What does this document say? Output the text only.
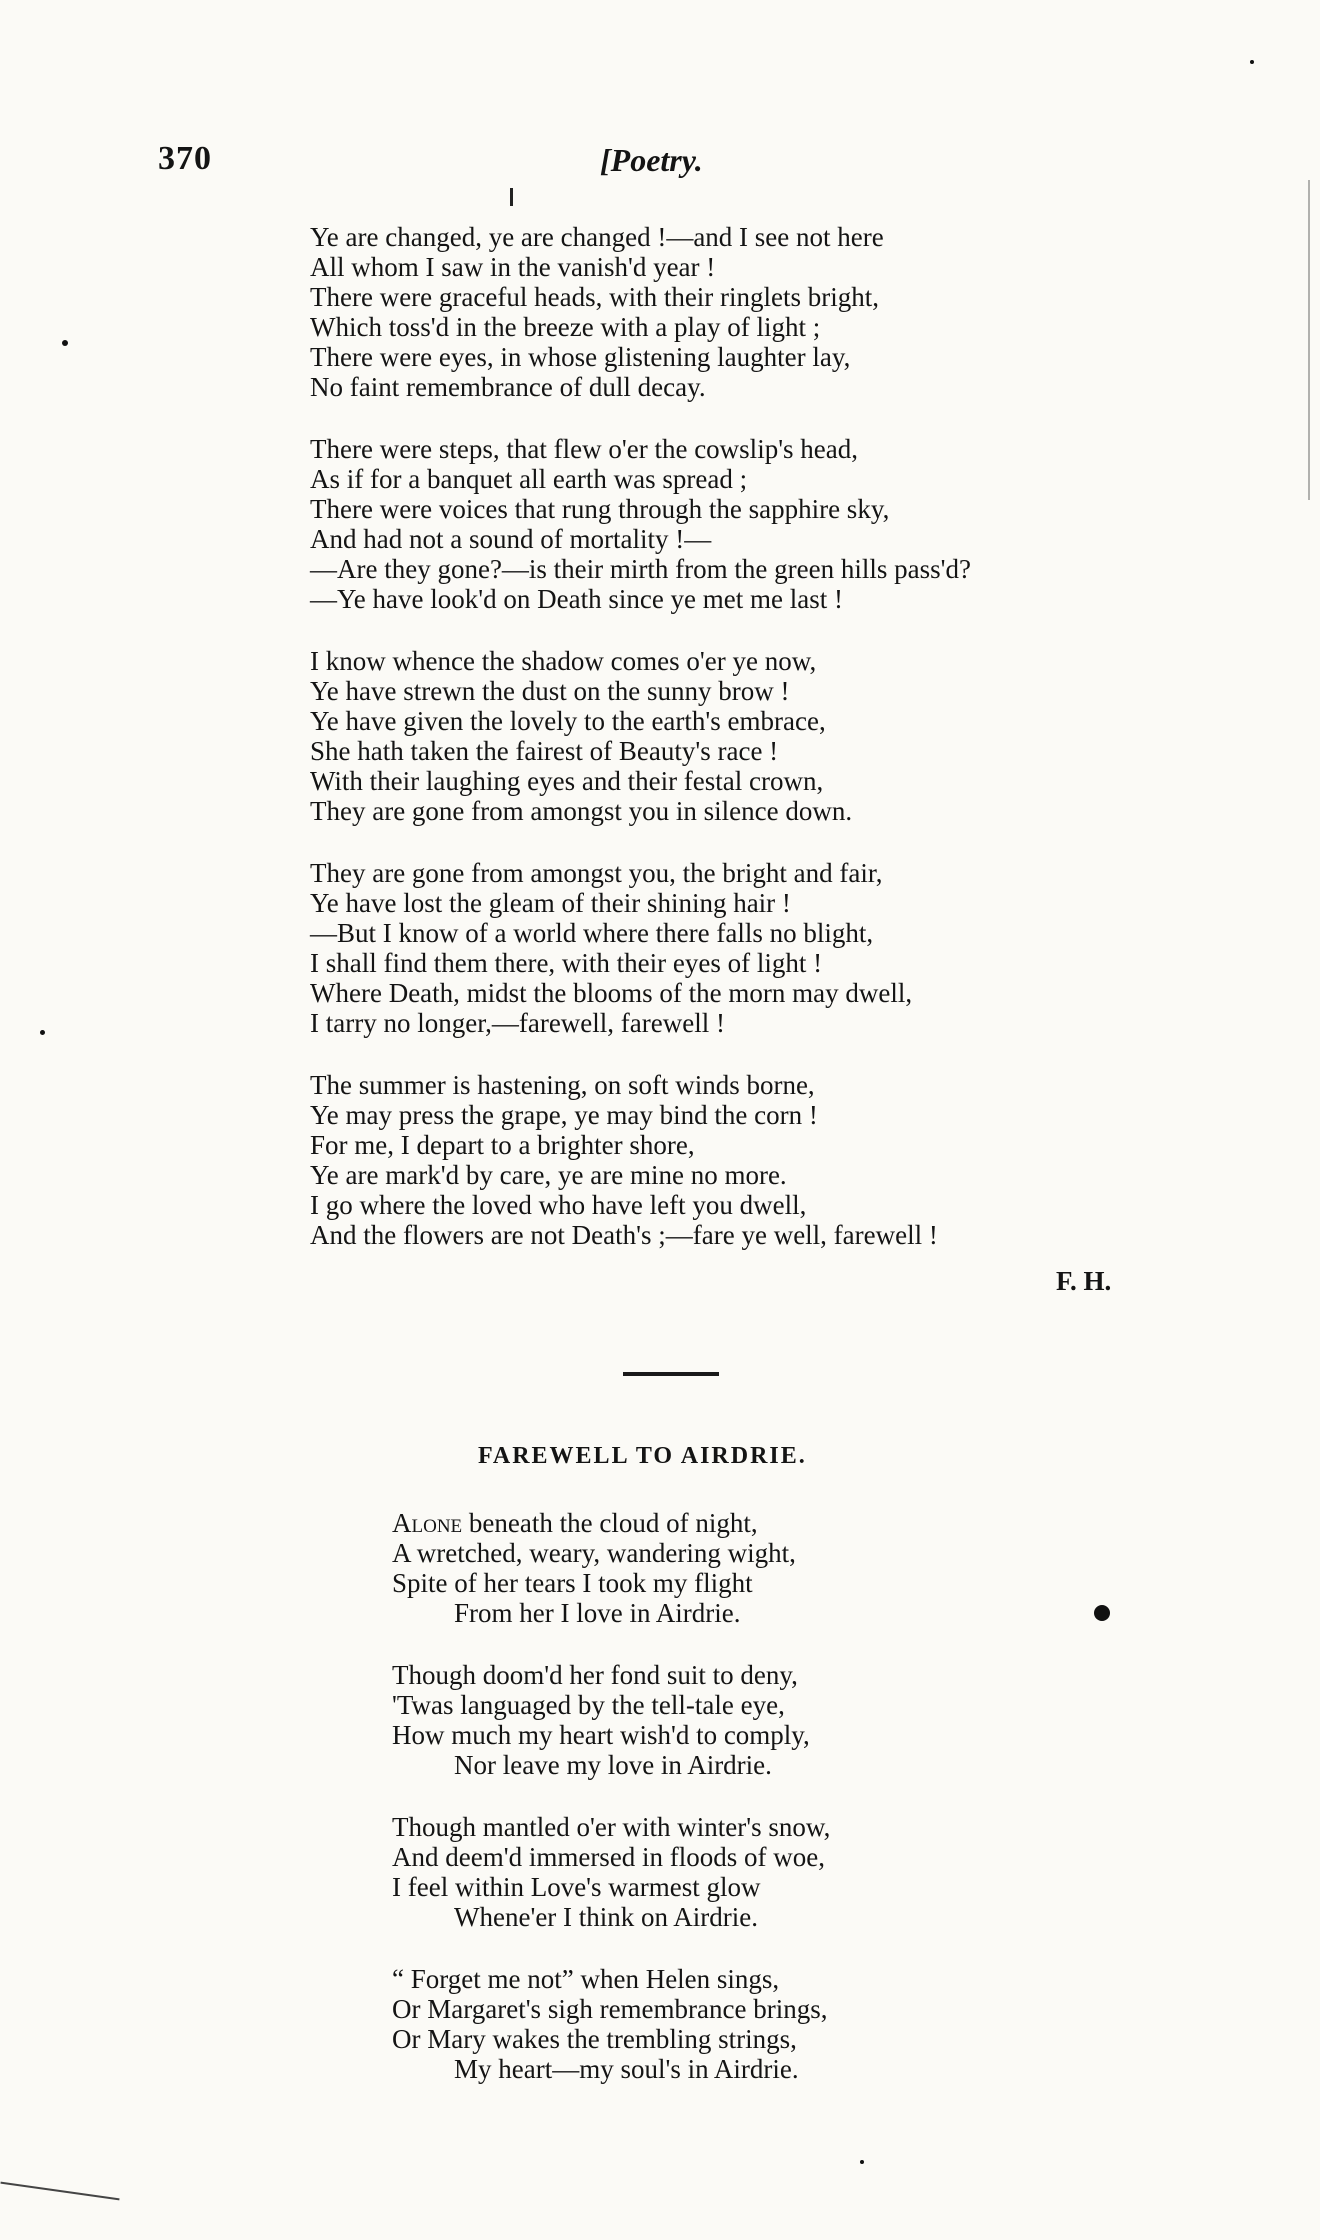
370	[Poetry.
Ye are changed, ye are changed !—and I see not here
All whom I saw in the vanish'd year !
There were graceful heads, with their ringlets bright,
Which toss'd in the breeze with a play of light ;
There were eyes, in whose glistening laughter lay,
No faint remembrance of dull decay.
There were steps, that flew o'er the cowslip's head,
As if for a banquet all earth was spread ;
There were voices that rung through the sapphire sky,
And had not a sound of mortality !—
—Are they gone?—is their mirth from the green hills pass'd?
—Ye have look'd on Death since ye met me last !
I know whence the shadow comes o'er ye now,
Ye have strewn the dust on the sunny brow !
Ye have given the lovely to the earth's embrace,
She hath taken the fairest of Beauty's race !
With their laughing eyes and their festal crown,
They are gone from amongst you in silence down.
They are gone from amongst you, the bright and fair,
Ye have lost the gleam of their shining hair !
—But I know of a world where there falls no blight,
I shall find them there, with their eyes of light !
Where Death, midst the blooms of the morn may dwell,
I tarry no longer,—farewell, farewell !
The summer is hastening, on soft winds borne,
Ye may press the grape, ye may bind the corn !
For me, I depart to a brighter shore,
Ye are mark'd by care, ye are mine no more.
I go where the loved who have left you dwell,
And the flowers are not Death's ;—fare ye well, farewell !
F. H.
FAREWELL TO AIRDRIE.
Alone beneath the cloud of night,
A wretched, weary, wandering wight,
Spite of her tears I took my flight
From her I love in Airdrie.
Though doom'd her fond suit to deny,
'Twas languaged by the tell-tale eye,
How much my heart wish'd to comply,
Nor leave my love in Airdrie.
Though mantled o'er with winter's snow,
And deem'd immersed in floods of woe,
I feel within Love's warmest glow
Whene'er I think on Airdrie.
“ Forget me not” when Helen sings,
Or Margaret's sigh remembrance brings,
Or Mary wakes the trembling strings,
My heart—my soul's in Airdrie.
